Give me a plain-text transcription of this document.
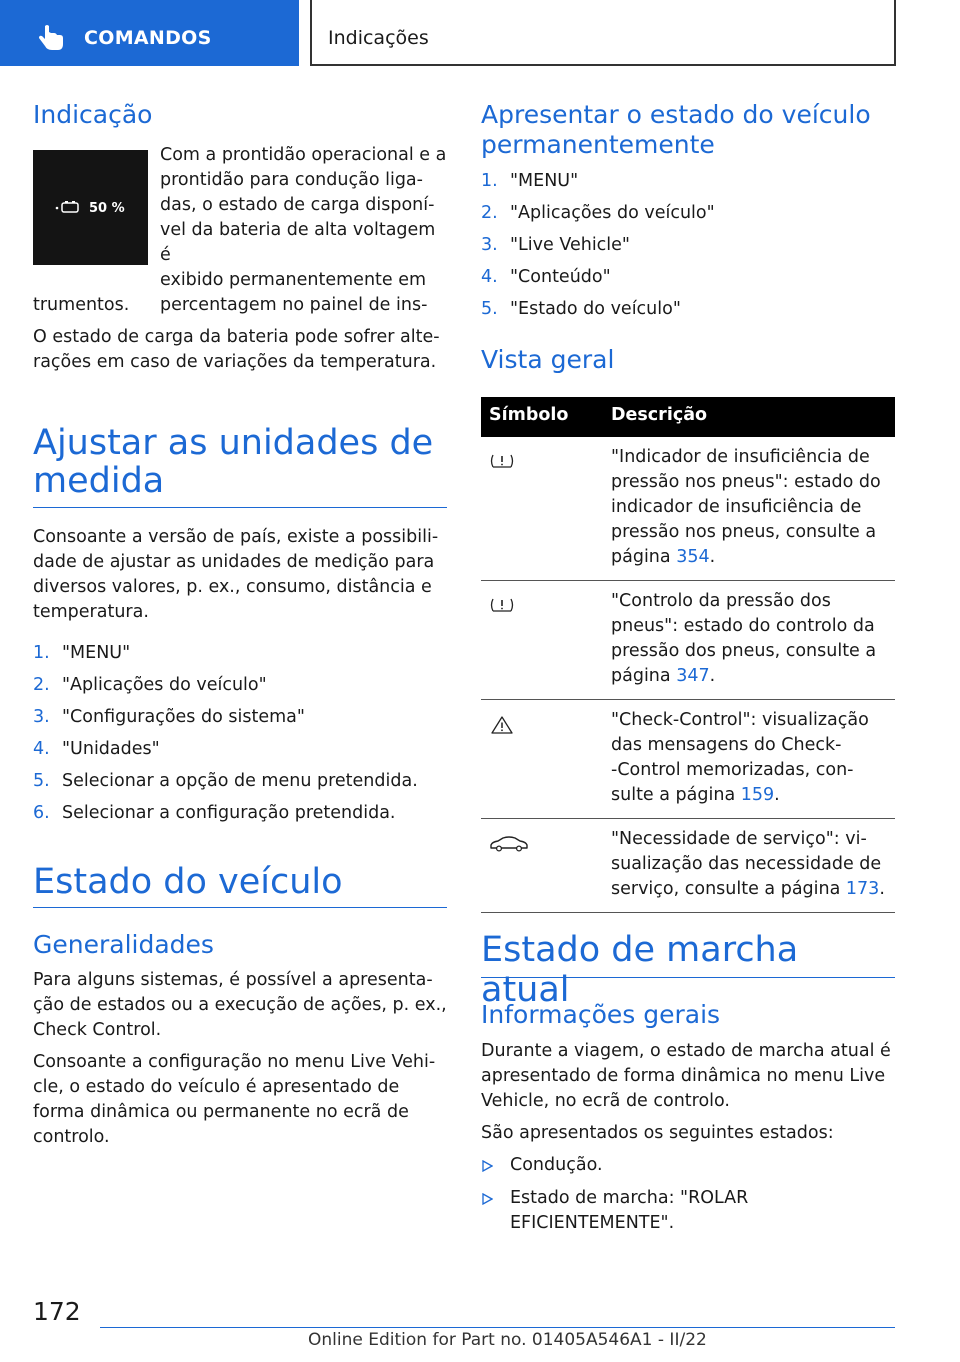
COMANDOS	Indicações
Indicação
50 %
Com a prontidão operacional e a
prontidão para condução liga-
das, o estado de carga disponí-
vel da bateria de alta voltagem é
exibido permanentemente em
percentagem no painel de ins-
trumentos.
O estado de carga da bateria pode sofrer alte-
rações em caso de variações da temperatura.
Ajustar as unidades de
medida
Consoante a versão de país, existe a possibili-
dade de ajustar as unidades de medição para
diversos valores, p. ex., consumo, distância e
temperatura.
1. "MENU"
2. "Aplicações do veículo"
3. "Configurações do sistema"
4. "Unidades"
5. Selecionar a opção de menu pretendida.
6. Selecionar a configuração pretendida.
Estado do veículo
Generalidades
Para alguns sistemas, é possível a apresenta-
ção de estados ou a execução de ações, p. ex.,
Check Control.
Consoante a configuração no menu Live Vehi-
cle, o estado do veículo é apresentado de
forma dinâmica ou permanente no ecrã de
controlo.
Apresentar o estado do veículo
permanentemente
1. "MENU"
2. "Aplicações do veículo"
3. "Live Vehicle"
4. "Conteúdo"
5. "Estado do veículo"
Vista geral
Símbolo Descrição
"Indicador de insuficiência de
pressão nos pneus": estado do
indicador de insuficiência de
pressão nos pneus, consulte a
página 354.
"Controlo da pressão dos
pneus": estado do controlo da
pressão dos pneus, consulte a
página 347.
"Check-Control": visualização
das mensagens do Check-
-Control memorizadas, con-
sulte a página 159.
"Necessidade de serviço": vi-
sualização das necessidade de
serviço, consulte a página 173.
Estado de marcha atual
Informações gerais
Durante a viagem, o estado de marcha atual é
apresentado de forma dinâmica no menu Live
Vehicle, no ecrã de controlo.
São apresentados os seguintes estados:
Condução.
Estado de marcha: "ROLAR
EFICIENTEMENTE".
172
Online Edition for Part no. 01405A546A1 - II/22
